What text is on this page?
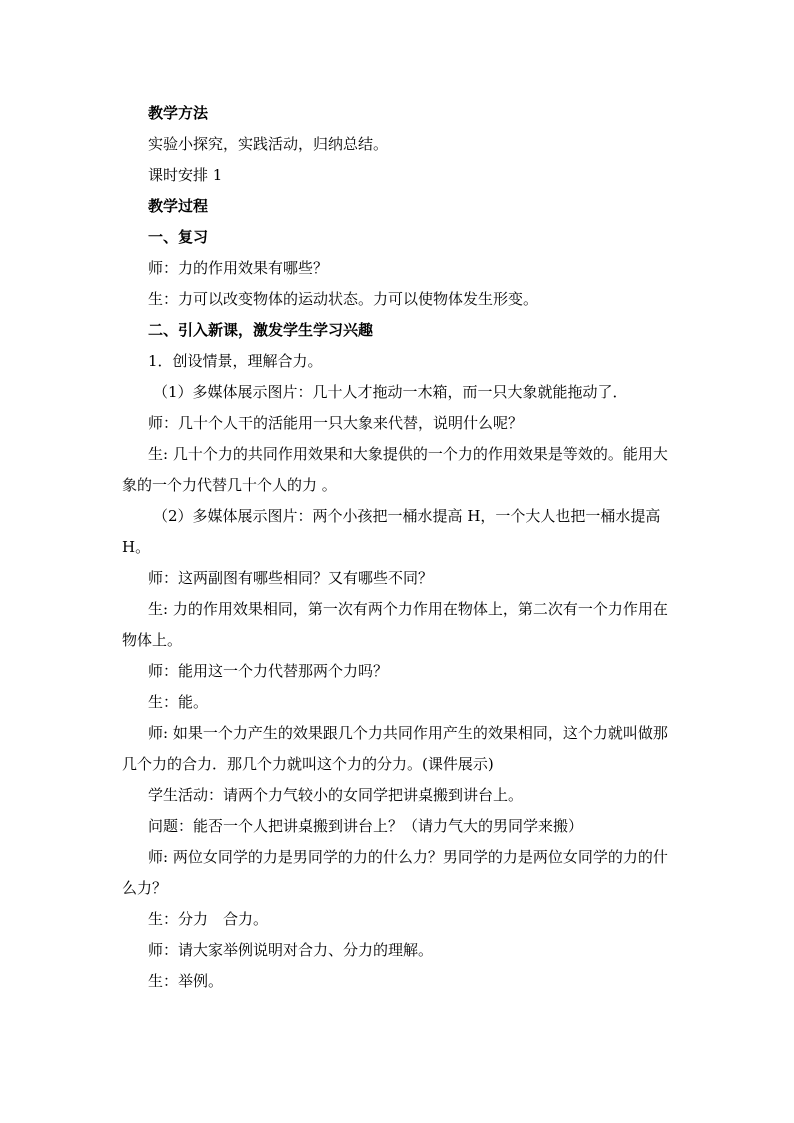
教学方法

实验小探究，实践活动，归纳总结。

课时安排 1

教学过程

一、复习

师：力的作用效果有哪些？

生：力可以改变物体的运动状态。力可以使物体发生形变。

二、引入新课，激发学生学习兴趣

1．创设情景，理解合力。

（1）多媒体展示图片：几十人才拖动一木箱，而一只大象就能拖动了．

师：几十个人干的活能用一只大象来代替，说明什么呢？

生: 几十个力的共同作用效果和大象提供的一个力的作用效果是等效的。能用大象的一个力代替几十个人的力 。

（2）多媒体展示图片：两个小孩把一桶水提高 H，一个大人也把一桶水提高 H。

师：这两副图有哪些相同？又有哪些不同？

生: 力的作用效果相同，第一次有两个力作用在物体上，第二次有一个力作用在物体上。

师：能用这一个力代替那两个力吗？

生：能。

师: 如果一个力产生的效果跟几个力共同作用产生的效果相同，这个力就叫做那几个力的合力．那几个力就叫这个力的分力。(课件展示)

学生活动：请两个力气较小的女同学把讲桌搬到讲台上。

问题：能否一个人把讲桌搬到讲台上？（请力气大的男同学来搬）

师: 两位女同学的力是男同学的力的什么力？男同学的力是两位女同学的力的什么力？

生：分力　合力。

师：请大家举例说明对合力、分力的理解。

生：举例。
